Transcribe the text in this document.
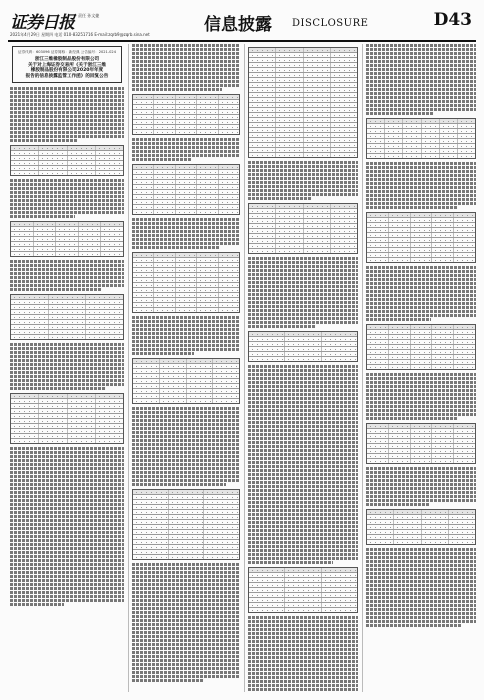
证券日报 责任 孙文捷
2021年4月29日 星期四 电话 010-83251716 E-mail:zqrb9@zqrb.sina.net	信息披露 DISCLOSURE	D43
证券代码：603096 证券简称：新经典 公告编号：2021-024
浙江三维橡胶制品股份有限公司
关于对上海证券交易所《关于浙江三维
橡胶制品股份有限公司2020年年度
报告的信息披露监管工作函》的回复公告
